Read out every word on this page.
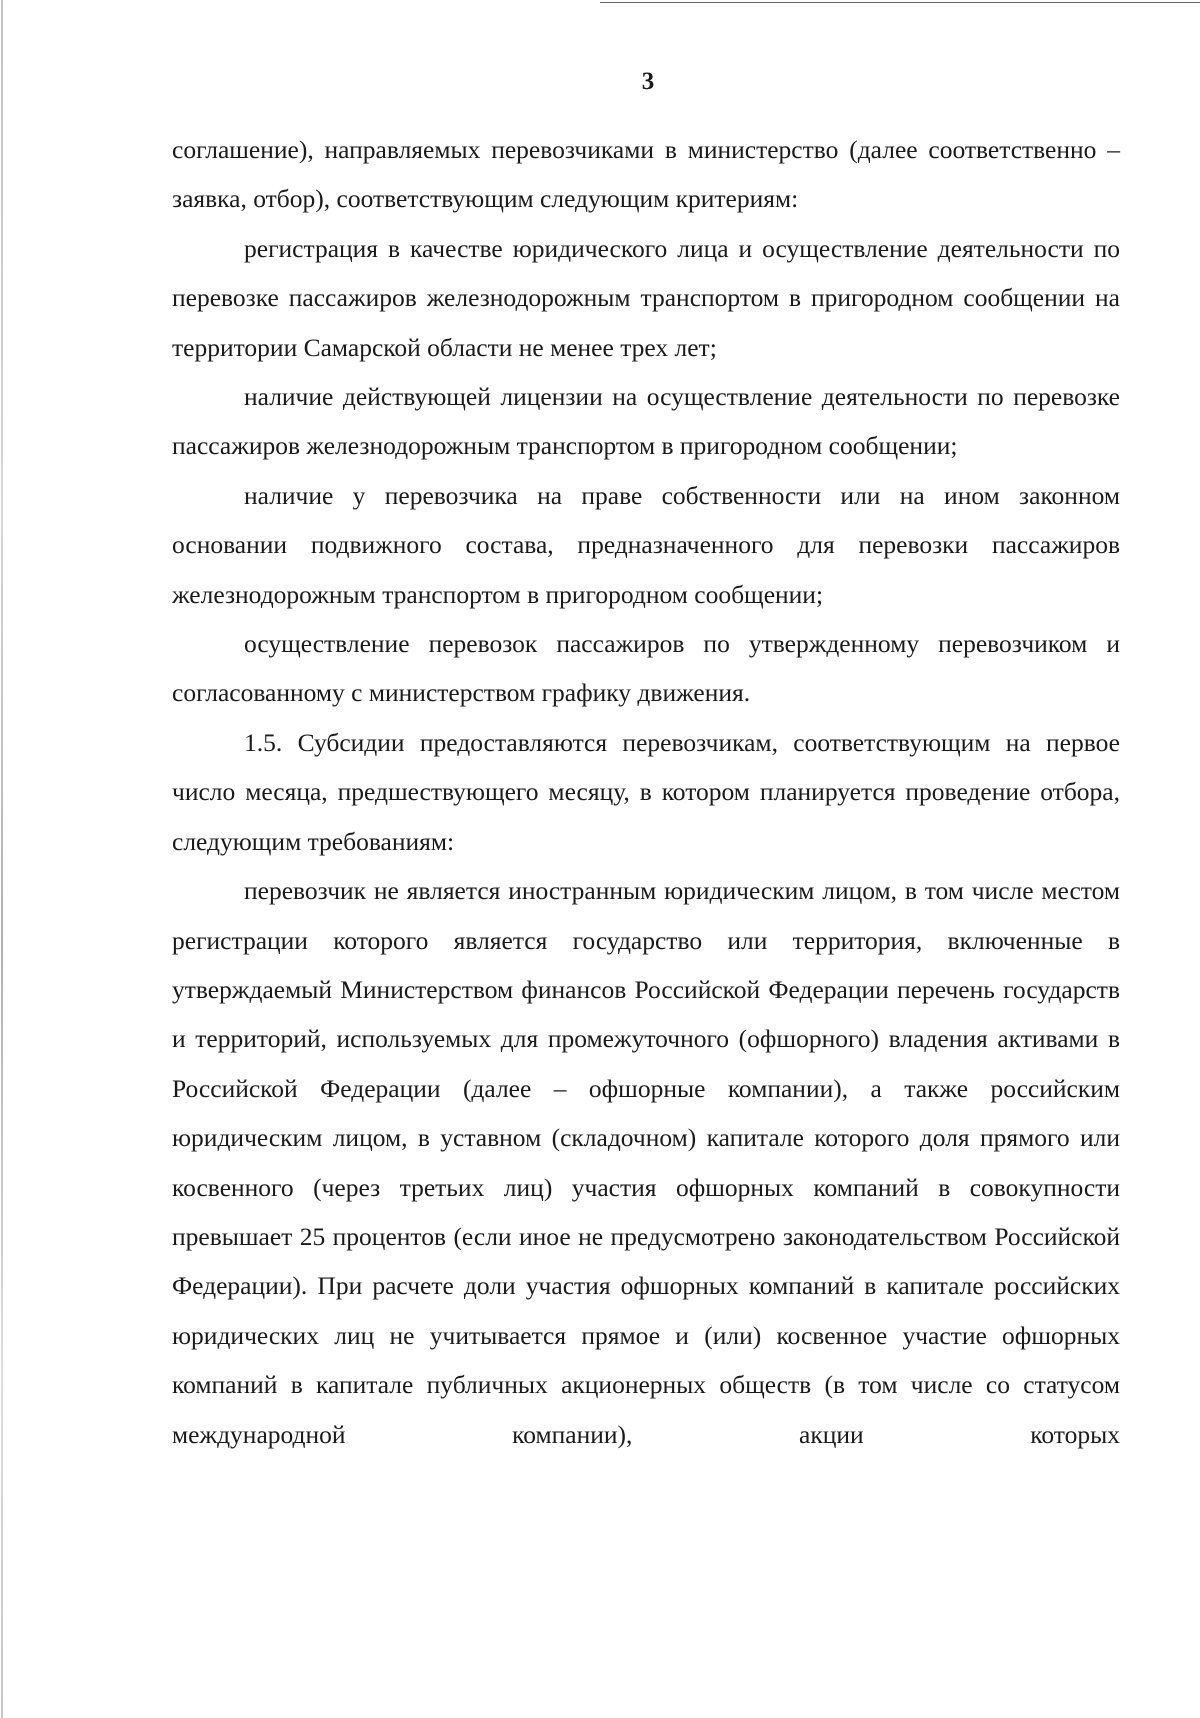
3

соглашение), направляемых перевозчиками в министерство (далее соответственно – заявка, отбор), соответствующим следующим критериям:

регистрация в качестве юридического лица и осуществление деятельности по перевозке пассажиров железнодорожным транспортом в пригородном сообщении на территории Самарской области не менее трех лет;

наличие действующей лицензии на осуществление деятельности по перевозке пассажиров железнодорожным транспортом в пригородном сообщении;

наличие у перевозчика на праве собственности или на ином законном основании подвижного состава, предназначенного для перевозки пассажиров железнодорожным транспортом в пригородном сообщении;

осуществление перевозок пассажиров по утвержденному перевозчиком и согласованному с министерством графику движения.

1.5. Субсидии предоставляются перевозчикам, соответствующим на первое число месяца, предшествующего месяцу, в котором планируется проведение отбора, следующим требованиям:

перевозчик не является иностранным юридическим лицом, в том числе местом регистрации которого является государство или территория, включенные в утверждаемый Министерством финансов Российской Федерации перечень государств и территорий, используемых для промежуточного (офшорного) владения активами в Российской Федерации (далее – офшорные компании), а также российским юридическим лицом, в уставном (складочном) капитале которого доля прямого или косвенного (через третьих лиц) участия офшорных компаний в совокупности превышает 25 процентов (если иное не предусмотрено законодательством Российской Федерации). При расчете доли участия офшорных компаний в капитале российских юридических лиц не учитывается прямое и (или) косвенное участие офшорных компаний в капитале публичных акционерных обществ (в том числе со статусом международной компании), акции которых
